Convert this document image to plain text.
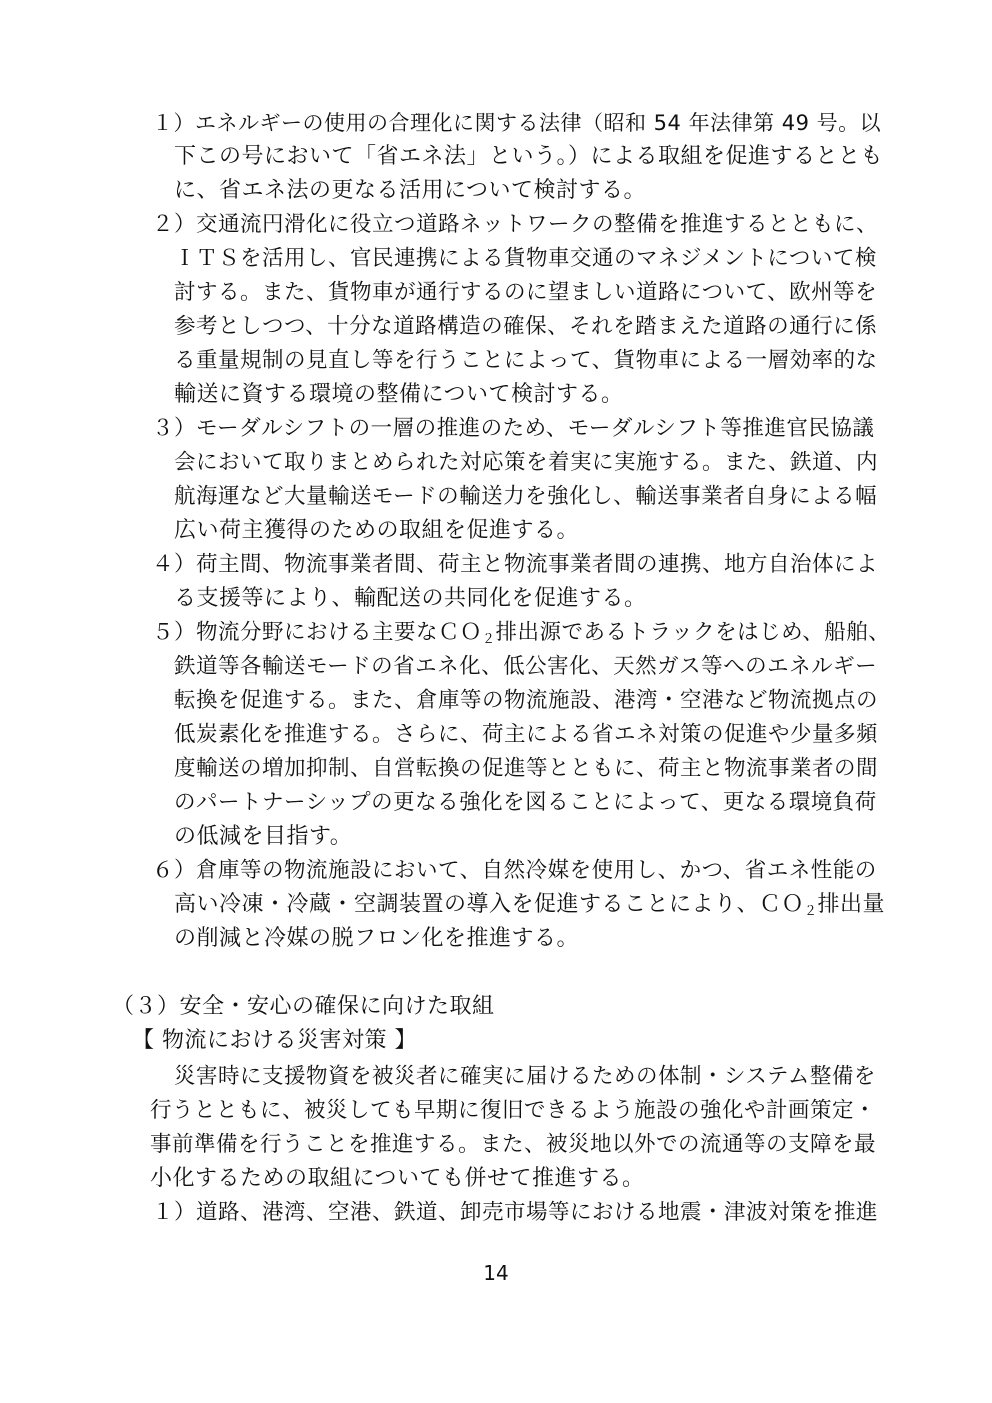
１）エネルギーの使用の合理化に関する法律（昭和 54 年法律第 49 号。以
下この号において「省エネ法」という。）による取組を促進するととも
に、省エネ法の更なる活用について検討する。
２）交通流円滑化に役立つ道路ネットワークの整備を推進するとともに、
ＩＴＳを活用し、官民連携による貨物車交通のマネジメントについて検
討する。また、貨物車が通行するのに望ましい道路について、欧州等を
参考としつつ、十分な道路構造の確保、それを踏まえた道路の通行に係
る重量規制の見直し等を行うことによって、貨物車による一層効率的な
輸送に資する環境の整備について検討する。
３）モーダルシフトの一層の推進のため、モーダルシフト等推進官民協議
会において取りまとめられた対応策を着実に実施する。また、鉄道、内
航海運など大量輸送モードの輸送力を強化し、輸送事業者自身による幅
広い荷主獲得のための取組を促進する。
４）荷主間、物流事業者間、荷主と物流事業者間の連携、地方自治体によ
る支援等により、輸配送の共同化を促進する。
５）物流分野における主要なＣＯ$_2$排出源であるトラックをはじめ、船舶、
鉄道等各輸送モードの省エネ化、低公害化、天然ガス等へのエネルギー
転換を促進する。また、倉庫等の物流施設、港湾・空港など物流拠点の
低炭素化を推進する。さらに、荷主による省エネ対策の促進や少量多頻
度輸送の増加抑制、自営転換の促進等とともに、荷主と物流事業者の間
のパートナーシップの更なる強化を図ることによって、更なる環境負荷
の低減を目指す。
６）倉庫等の物流施設において、自然冷媒を使用し、かつ、省エネ性能の
高い冷凍・冷蔵・空調装置の導入を促進することにより、ＣＯ$_2$排出量
の削減と冷媒の脱フロン化を推進する。
（３）安全・安心の確保に向けた取組
【 物流における災害対策 】
災害時に支援物資を被災者に確実に届けるための体制・システム整備を
行うとともに、被災しても早期に復旧できるよう施設の強化や計画策定・
事前準備を行うことを推進する。また、被災地以外での流通等の支障を最
小化するための取組についても併せて推進する。
１）道路、港湾、空港、鉄道、卸売市場等における地震・津波対策を推進
14
